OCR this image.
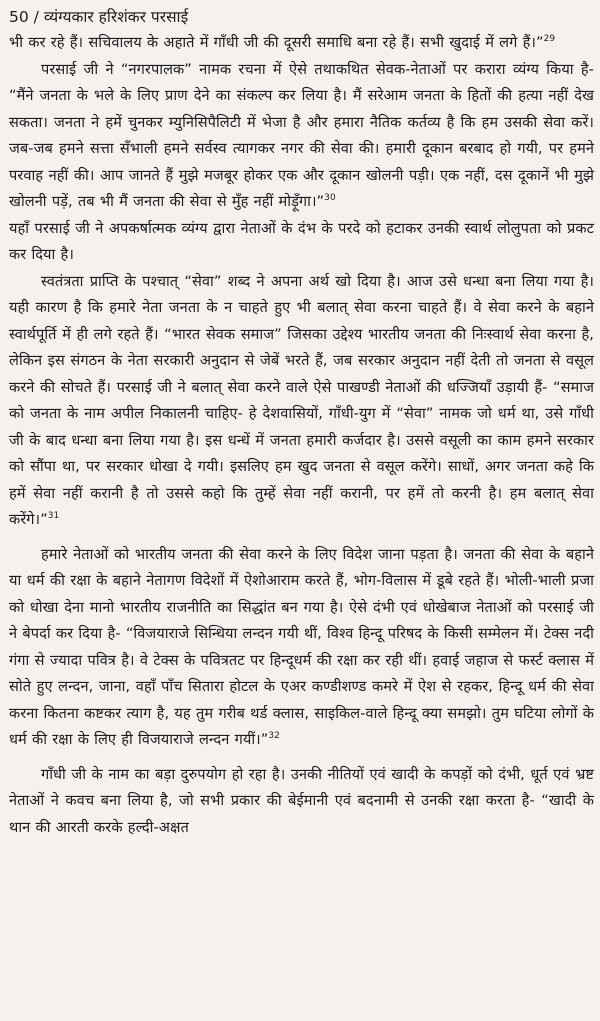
50 / व्यंग्यकार हरिशंकर परसाई

भी कर रहे हैं। सचिवालय के अहाते में गाँधी जी की दूसरी समाधि बना रहे हैं। सभी खुदाई में लगे हैं।”$^{29}$

परसाई जी ने “नगरपालक” नामक रचना में ऐसे तथाकथित सेवक-नेताओं पर करारा व्यंग्य किया है- “मैंने जनता के भले के लिए प्राण देने का संकल्प कर लिया है। मैं सरेआम जनता के हितों की हत्या नहीं देख सकता। जनता ने हमें चुनकर म्युनिसिपैलिटी में भेजा है और हमारा नैतिक कर्तव्य है कि हम उसकी सेवा करें। जब-जब हमने सत्ता सँभाली हमने सर्वस्व त्यागकर नगर की सेवा की। हमारी दूकान बरबाद हो गयी, पर हमने परवाह नहीं की। आप जानते हैं मुझे मजबूर होकर एक और दूकान खोलनी पड़ी। एक नहीं, दस दूकानें भी मुझे खोलनी पड़ें, तब भी मैं जनता की सेवा से मुँह नहीं मोड़ूँगा।”$^{30}$

यहाँ परसाई जी ने अपकर्षात्मक व्यंग्य द्वारा नेताओं के दंभ के परदे को हटाकर उनकी स्वार्थ लोलुपता को प्रकट कर दिया है।

स्वतंत्रता प्राप्ति के पश्चात् “सेवा” शब्द ने अपना अर्थ खो दिया है। आज उसे धन्धा बना लिया गया है। यही कारण है कि हमारे नेता जनता के न चाहते हुए भी बलात् सेवा करना चाहते हैं। वे सेवा करने के बहाने स्वार्थपूर्ति में ही लगे रहते हैं। “भारत सेवक समाज” जिसका उद्देश्य भारतीय जनता की निःस्वार्थ सेवा करना है, लेकिन इस संगठन के नेता सरकारी अनुदान से जेबें भरते हैं, जब सरकार अनुदान नहीं देती तो जनता से वसूल करने की सोचते हैं। परसाई जी ने बलात् सेवा करने वाले ऐसे पाखण्डी नेताओं की धज्जियाँ उड़ायी हैं- “समाज को जनता के नाम अपील निकालनी चाहिए- हे देशवासियों, गाँधी-युग में “सेवा” नामक जो धर्म था, उसे गाँधी जी के बाद धन्धा बना लिया गया है। इस धन्धें में जनता हमारी कर्जदार है। उससे वसूली का काम हमने सरकार को सौंपा था, पर सरकार धोखा दे गयी। इसलिए हम खुद जनता से वसूल करेंगे। साधों, अगर जनता कहे कि हमें सेवा नहीं करानी है तो उससे कहो कि तुम्हें सेवा नहीं करानी, पर हमें तो करनी है। हम बलात् सेवा करेंगे।”$^{31}$

हमारे नेताओं को भारतीय जनता की सेवा करने के लिए विदेश जाना पड़ता है। जनता की सेवा के बहाने या धर्म की रक्षा के बहाने नेतागण विदेशों में ऐशोआराम करते हैं, भोग-विलास में डूबे रहते हैं। भोली-भाली प्रजा को धोखा देना मानो भारतीय राजनीति का सिद्धांत बन गया है। ऐसे दंभी एवं धोखेबाज नेताओं को परसाई जी ने बेपर्दा कर दिया है- “विजयाराजे सिन्धिया लन्दन गयी थीं, विश्व हिन्दू परिषद के किसी सम्मेलन में। टेक्स नदी गंगा से ज्यादा पवित्र है। वे टेक्स के पवित्रतट पर हिन्दूधर्म की रक्षा कर रही थीं। हवाई जहाज से फर्स्ट क्लास में सोते हुए लन्दन, जाना, वहाँ पाँच सितारा होटल के एअर कण्डीशण्ड कमरे में ऐश से रहकर, हिन्दू धर्म की सेवा करना कितना कष्टकर त्याग है, यह तुम गरीब थर्ड क्लास, साइकिल-वाले हिन्दू क्या समझो। तुम घटिया लोगों के धर्म की रक्षा के लिए ही विजयाराजे लन्दन गयीं।”$^{32}$

गाँधी जी के नाम का बड़ा दुरुपयोग हो रहा है। उनकी नीतियों एवं खादी के कपड़ों को दंभी, धूर्त एवं भ्रष्ट नेताओं ने कवच बना लिया है, जो सभी प्रकार की बेईमानी एवं बदनामी से उनकी रक्षा करता है- “खादी के थान की आरती करके हल्दी-अक्षत
